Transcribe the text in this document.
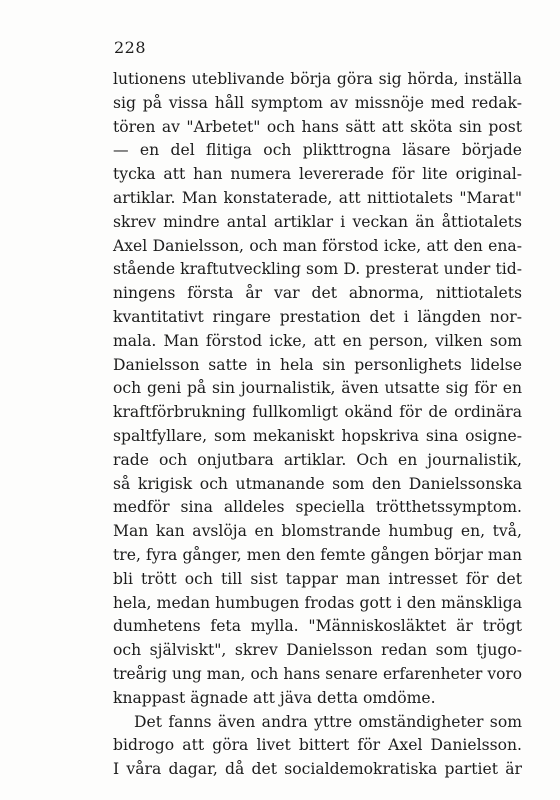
228
lutionens uteblivande börja göra sig hörda, inställa
sig på vissa håll symptom av missnöje med redak-
tören av "Arbetet" och hans sätt att sköta sin post
— en del flitiga och plikttrogna läsare började
tycka att han numera levererade för lite original-
artiklar. Man konstaterade, att nittiotalets "Marat"
skrev mindre antal artiklar i veckan än åttiotalets
Axel Danielsson, och man förstod icke, att den ena-
stående kraftutveckling som D. presterat under tid-
ningens första år var det abnorma, nittiotalets
kvantitativt ringare prestation det i längden nor-
mala. Man förstod icke, att en person, vilken som
Danielsson satte in hela sin personlighets lidelse
och geni på sin journalistik, även utsatte sig för en
kraftförbrukning fullkomligt okänd för de ordinära
spaltfyllare, som mekaniskt hopskriva sina osigne-
rade och onjutbara artiklar. Och en journalistik,
så krigisk och utmanande som den Danielssonska
medför sina alldeles speciella trötthetssymptom.
Man kan avslöja en blomstrande humbug en, två,
tre, fyra gånger, men den femte gången börjar man
bli trött och till sist tappar man intresset för det
hela, medan humbugen frodas gott i den mänskliga
dumhetens feta mylla. "Människosläktet är trögt
och själviskt", skrev Danielsson redan som tjugo-
treårig ung man, och hans senare erfarenheter voro
knappast ägnade att jäva detta omdöme.
Det fanns även andra yttre omständigheter som
bidrogo att göra livet bittert för Axel Danielsson.
I våra dagar, då det socialdemokratiska partiet är
